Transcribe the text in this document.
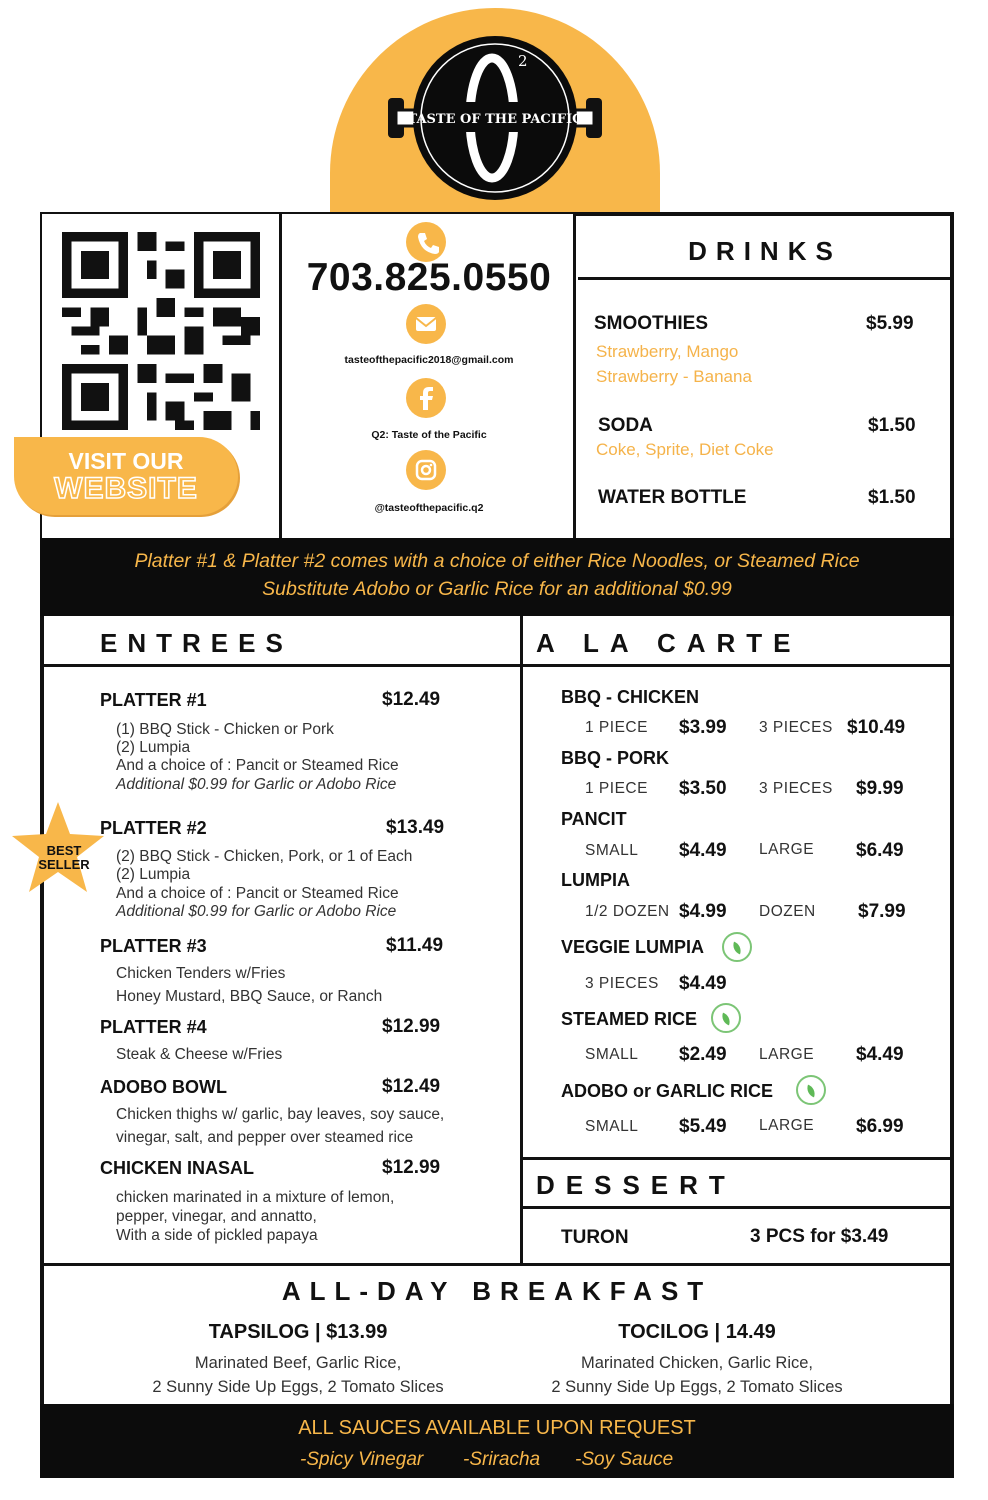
2
TASTE OF THE PACIFIC
VISIT OUR
WEBSITE
703.825.0550
tasteofthepacific2018@gmail.com
Q2: Taste of the Pacific
@tasteofthepacific.q2
DRINKS
SMOOTHIES	$5.99
Strawberry, Mango
Strawberry - Banana
SODA	$1.50
Coke, Sprite, Diet Coke
WATER BOTTLE	$1.50
Platter #1 & Platter #2 comes with a choice of either Rice Noodles, or Steamed Rice
Substitute Adobo or Garlic Rice for an additional $0.99
ENTREES	A LA CARTE
PLATTER #1	$12.49
(1) BBQ Stick - Chicken or Pork
(2) Lumpia
And a choice of : Pancit or Steamed Rice
Additional $0.99 for Garlic or Adobo Rice
BEST
SELLER
PLATTER #2	$13.49
(2) BBQ Stick - Chicken, Pork, or 1 of Each
(2) Lumpia
And a choice of : Pancit or Steamed Rice
Additional $0.99 for Garlic or Adobo Rice
PLATTER #3	$11.49
Chicken Tenders w/Fries
Honey Mustard, BBQ Sauce, or Ranch
PLATTER #4	$12.99
Steak & Cheese w/Fries
ADOBO BOWL	$12.49
Chicken thighs w/ garlic, bay leaves, soy sauce,
vinegar, salt, and pepper over steamed rice
CHICKEN INASAL	$12.99
chicken marinated in a mixture of lemon,
pepper, vinegar, and annatto,
With a side of pickled papaya
BBQ - CHICKEN
1 PIECE $3.99 3 PIECES $10.49
BBQ - PORK
1 PIECE $3.50 3 PIECES $9.99
PANCIT
SMALL $4.49 LARGE $6.49
LUMPIA
1/2 DOZEN $4.99 DOZEN $7.99
VEGGIE LUMPIA
3 PIECES $4.49
STEAMED RICE
SMALL $2.49 LARGE $4.49
ADOBO or GARLIC RICE
SMALL $5.49 LARGE $6.99
DESSERT
TURON	3 PCS for $3.49
ALL-DAY BREAKFAST
TAPSILOG | $13.99
Marinated Beef, Garlic Rice,
2 Sunny Side Up Eggs, 2 Tomato Slices
TOCILOG | 14.49
Marinated Chicken, Garlic Rice,
2 Sunny Side Up Eggs, 2 Tomato Slices
ALL SAUCES AVAILABLE UPON REQUEST
-Spicy Vinegar -Sriracha -Soy Sauce
